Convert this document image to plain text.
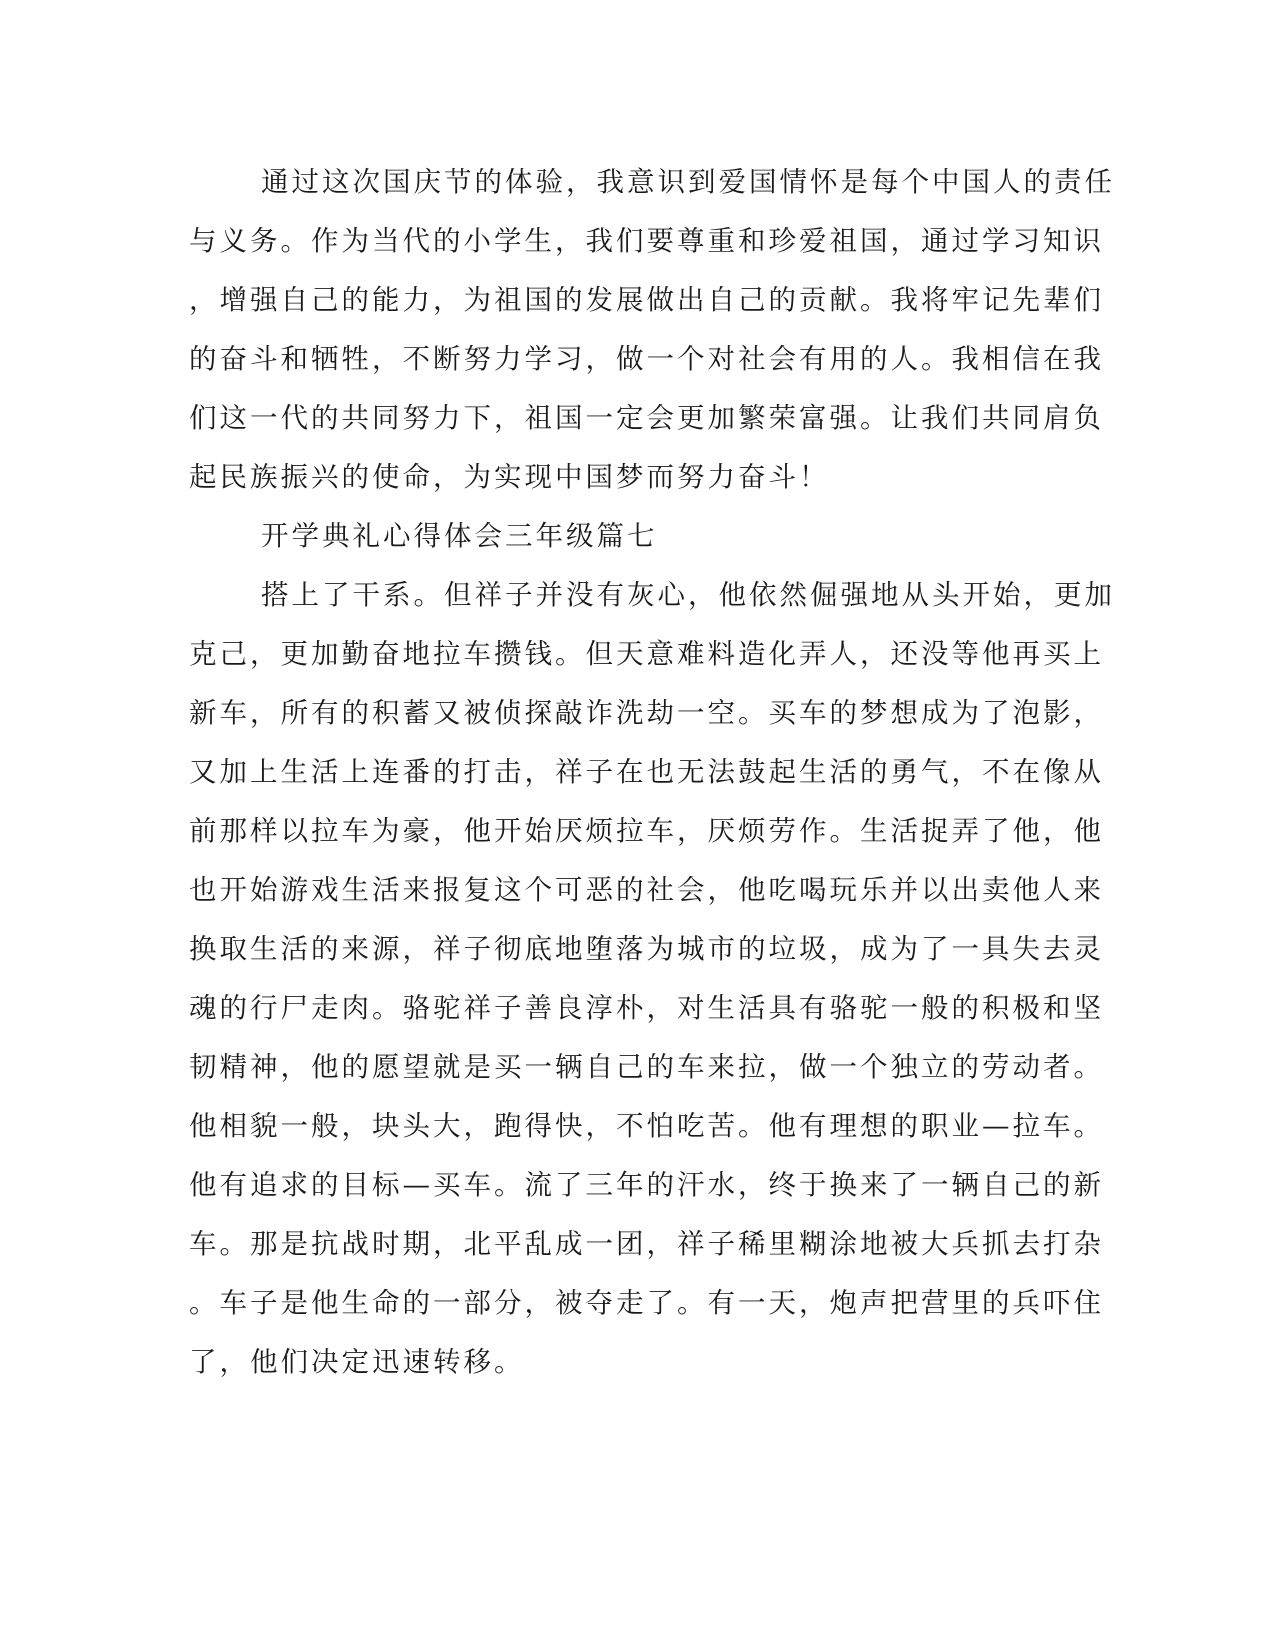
通过这次国庆节的体验，我意识到爱国情怀是每个中国人的责任
与义务。作为当代的小学生，我们要尊重和珍爱祖国，通过学习知识
，增强自己的能力，为祖国的发展做出自己的贡献。我将牢记先辈们
的奋斗和牺牲，不断努力学习，做一个对社会有用的人。我相信在我
们这一代的共同努力下，祖国一定会更加繁荣富强。让我们共同肩负
起民族振兴的使命，为实现中国梦而努力奋斗！
开学典礼心得体会三年级篇七
搭上了干系。但祥子并没有灰心，他依然倔强地从头开始，更加
克己，更加勤奋地拉车攒钱。但天意难料造化弄人，还没等他再买上
新车，所有的积蓄又被侦探敲诈洗劫一空。买车的梦想成为了泡影，
又加上生活上连番的打击，祥子在也无法鼓起生活的勇气，不在像从
前那样以拉车为豪，他开始厌烦拉车，厌烦劳作。生活捉弄了他，他
也开始游戏生活来报复这个可恶的社会，他吃喝玩乐并以出卖他人来
换取生活的来源，祥子彻底地堕落为城市的垃圾，成为了一具失去灵
魂的行尸走肉。骆驼祥子善良淳朴，对生活具有骆驼一般的积极和坚
韧精神，他的愿望就是买一辆自己的车来拉，做一个独立的劳动者。
他相貌一般，块头大，跑得快，不怕吃苦。他有理想的职业—拉车。
他有追求的目标—买车。流了三年的汗水，终于换来了一辆自己的新
车。那是抗战时期，北平乱成一团，祥子稀里糊涂地被大兵抓去打杂
。车子是他生命的一部分，被夺走了。有一天，炮声把营里的兵吓住
了，他们决定迅速转移。
